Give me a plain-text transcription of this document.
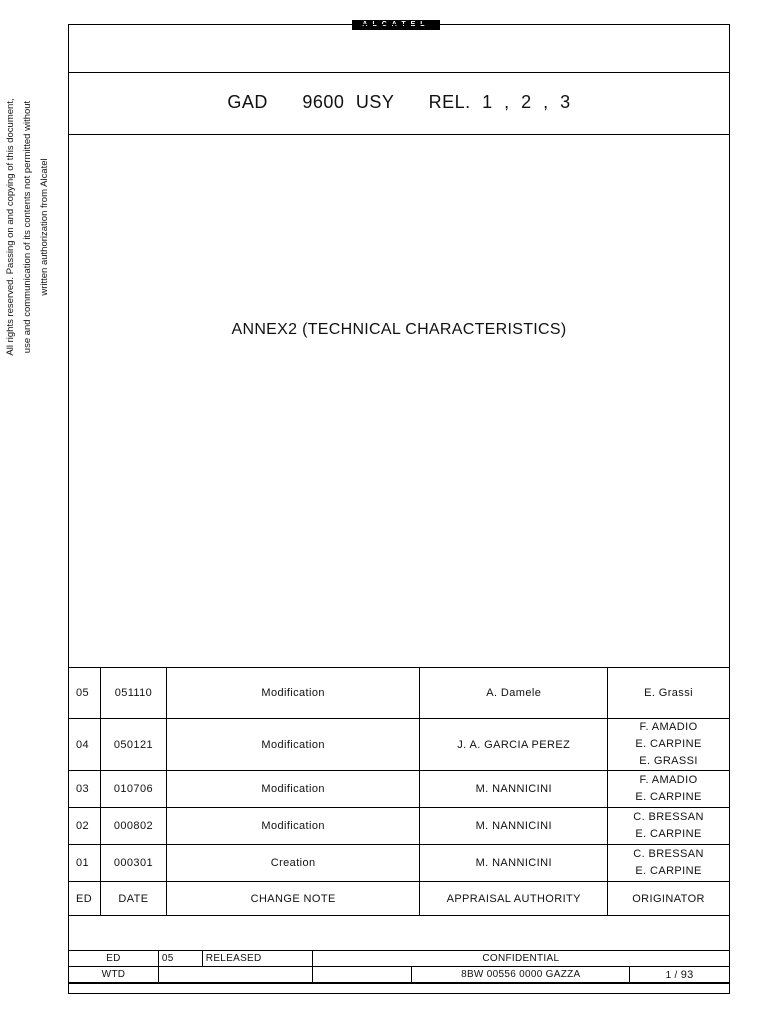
ALCATEL
All rights reserved. Passing on and copying of this document, use and communication of its contents not permitted without written authorization from Alcatel
GAD   9600 USY   REL. 1 , 2 , 3
ANNEX2 (TECHNICAL CHARACTERISTICS)
05	051110	Modification	A. Damele	E. Grassi

04	050121	Modification	J. A. GARCIA PEREZ	F. AMADIO
E. CARPINE
E. GRASSI

03	010706	Modification	M. NANNICINI	F. AMADIO
E. CARPINE

02	000802	Modification	M. NANNICINI	C. BRESSAN
E. CARPINE

01	000301	Creation	M. NANNICINI	C. BRESSAN
E. CARPINE

ED	DATE	CHANGE NOTE	APPRAISAL AUTHORITY	ORIGINATOR
ED	05	RELEASED	CONFIDENTIAL		
WTD				8BW 00556 0000 GAZZA	1 / 93
